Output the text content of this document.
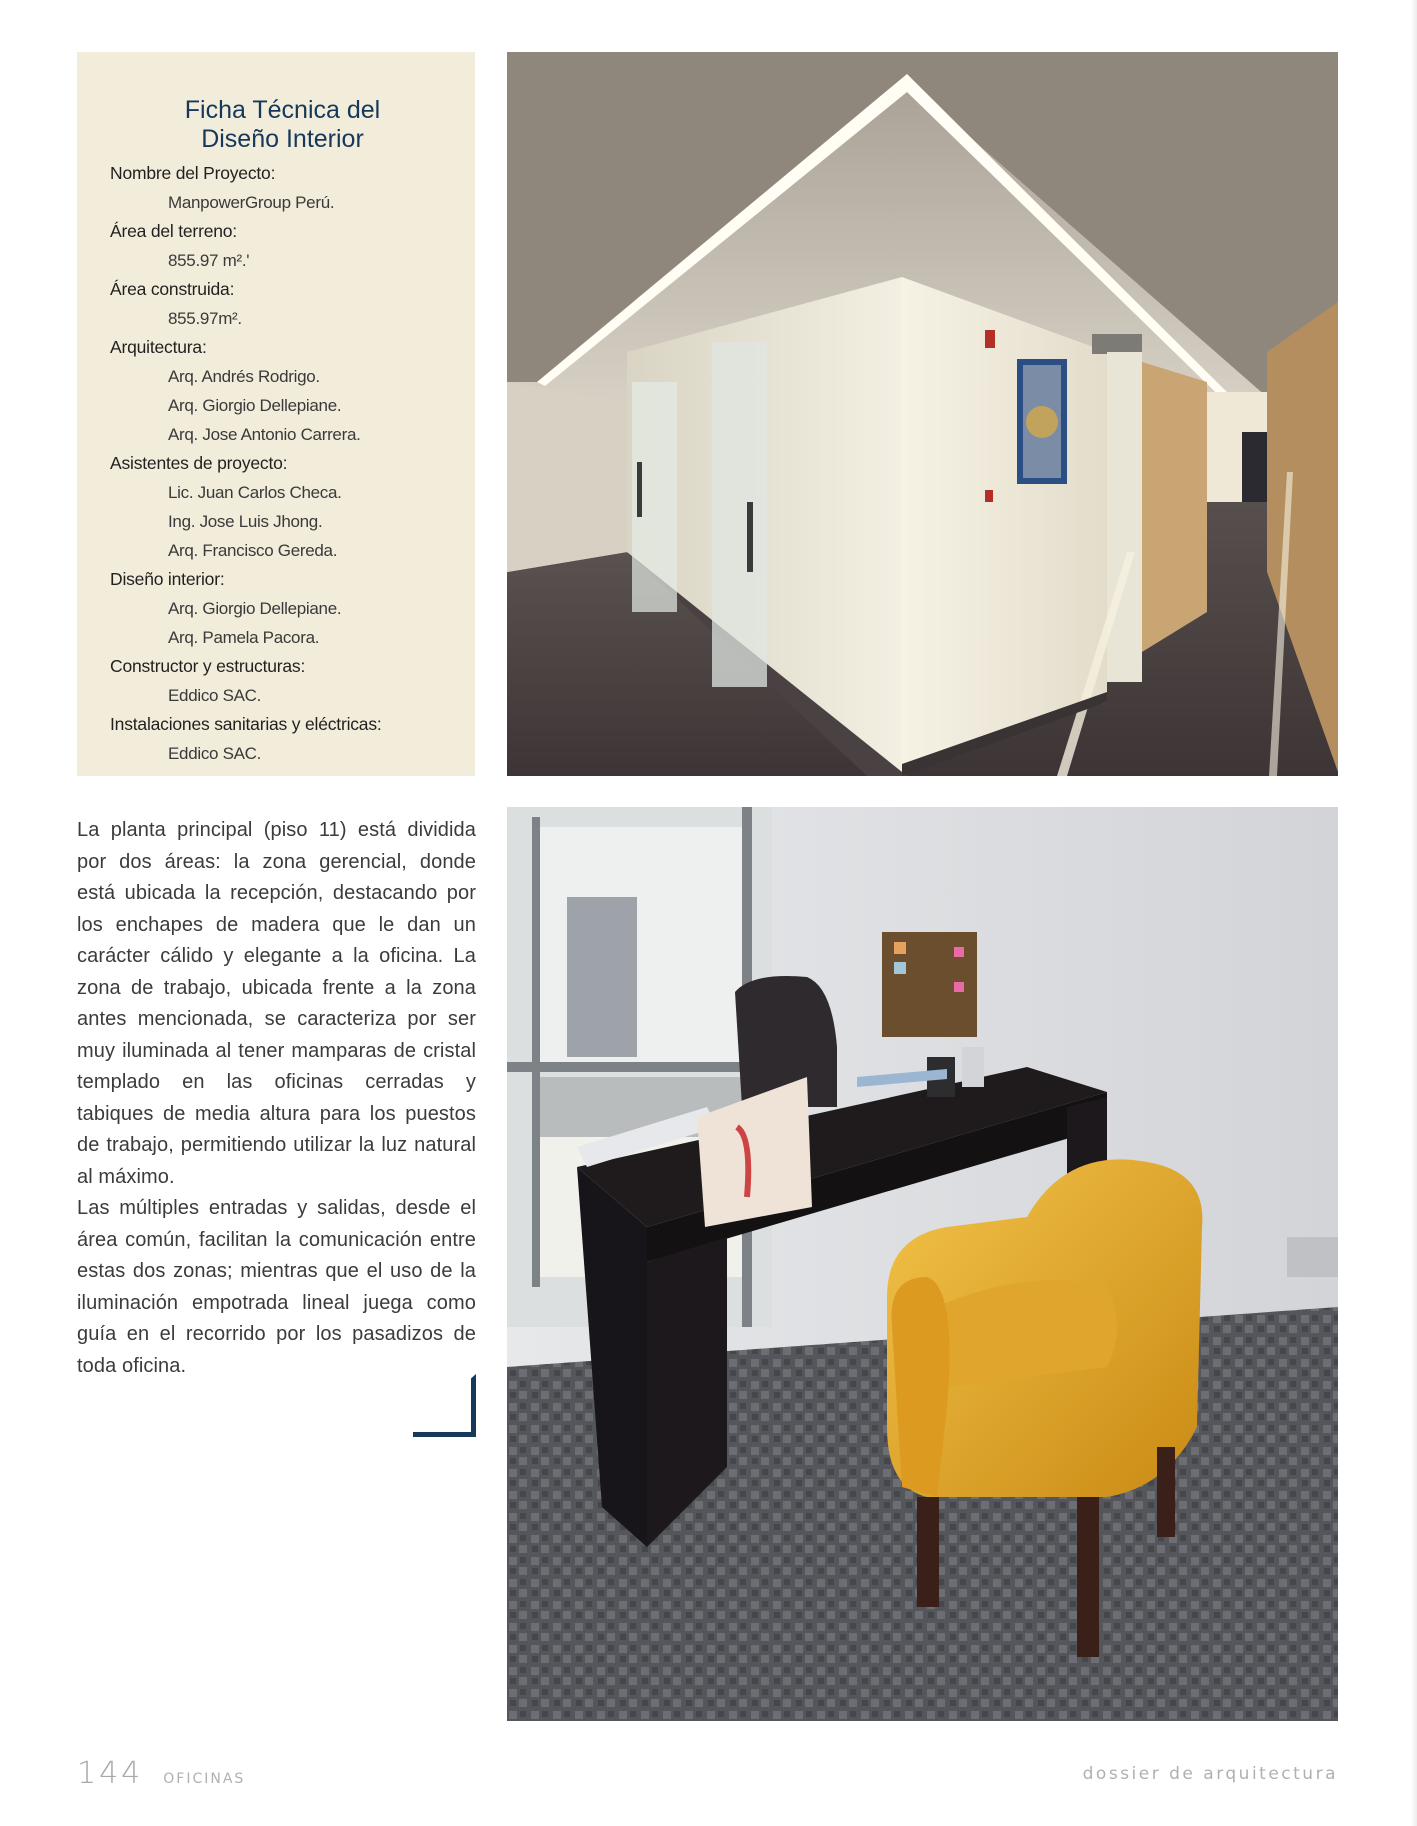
Ficha Técnica del
Diseño Interior
Nombre del Proyecto:
ManpowerGroup Perú.
Área del terreno:
855.97 m².'
Área construida:
855.97m².
Arquitectura:
Arq. Andrés Rodrigo.
Arq. Giorgio Dellepiane.
Arq. Jose Antonio Carrera.
Asistentes de proyecto:
Lic. Juan Carlos Checa.
Ing. Jose Luis Jhong.
Arq. Francisco Gereda.
Diseño interior:
Arq. Giorgio Dellepiane.
Arq. Pamela Pacora.
Constructor y estructuras:
Eddico SAC.
Instalaciones sanitarias y eléctricas:
Eddico SAC.

La planta principal (piso 11) está dividida por dos áreas: la zona gerencial, donde está ubicada la recepción, destacando por los enchapes de madera que le dan un carácter cálido y elegante a la oficina. La zona de trabajo, ubicada frente a la zona antes mencionada, se caracteriza por ser muy iluminada al tener mamparas de cristal templado en las oficinas cerradas y tabiques de media altura para los puestos de trabajo, permitiendo utilizar la luz natural al máximo.

Las múltiples entradas y salidas, desde el área común, facilitan la comunicación entre estas dos zonas; mientras que el uso de la iluminación empotrada lineal juega como guía en el recorrido por los pasadizos de toda oficina.

144 oficinas	dossier de arquitectura
